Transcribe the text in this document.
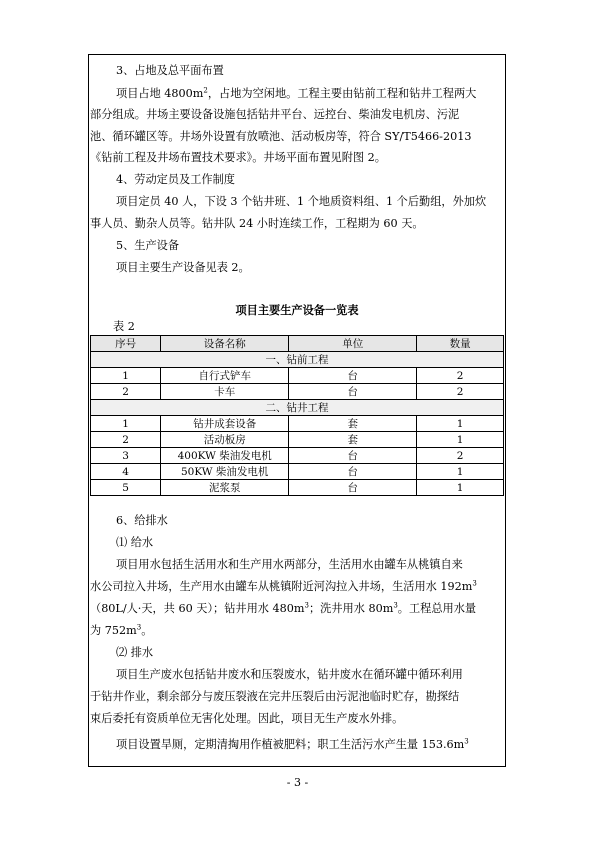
3、占地及总平面布置
项目占地 $4800m^2$，占地为空闲地。工程主要由钻前工程和钻井工程两大
部分组成。井场主要设备设施包括钻井平台、远控台、柴油发电机房、污泥
池、循环罐区等。井场外设置有放喷池、活动板房等，符合 SY/T5466-2013
《钻前工程及井场布置技术要求》。井场平面布置见附图 2。
4、劳动定员及工作制度
项目定员 40 人，下设 3 个钻井班、1 个地质资料组、1 个后勤组，外加炊
事人员、勤杂人员等。钻井队 24 小时连续工作，工程期为 60 天。
5、生产设备
项目主要生产设备见表 2。
项目主要生产设备一览表
表 2
序号	设备名称	单位	数量
一、钻前工程			
1	自行式铲车	台	2
2	卡车	台	2
二、钻井工程			
1	钻井成套设备	套	1
2	活动板房	套	1
3	400KW 柴油发电机	台	2
4	50KW 柴油发电机	台	1
5	泥浆泵	台	1
6、给排水
⑴ 给水
项目用水包括生活用水和生产用水两部分，生活用水由罐车从桃镇自来
水公司拉入井场，生产用水由罐车从桃镇附近河沟拉入井场，生活用水 $192m^3$
（80L/人·天，共 60 天）；钻井用水 $480m^3$；洗井用水 $80m^3$。工程总用水量
为 $752m^3$。
⑵ 排水
项目生产废水包括钻井废水和压裂废水，钻井废水在循环罐中循环利用
于钻井作业，剩余部分与废压裂液在完井压裂后由污泥池临时贮存，勘探结
束后委托有资质单位无害化处理。因此，项目无生产废水外排。
项目设置旱厕，定期清掏用作植被肥料；职工生活污水产生量 $153.6m^3$
- 3 -
